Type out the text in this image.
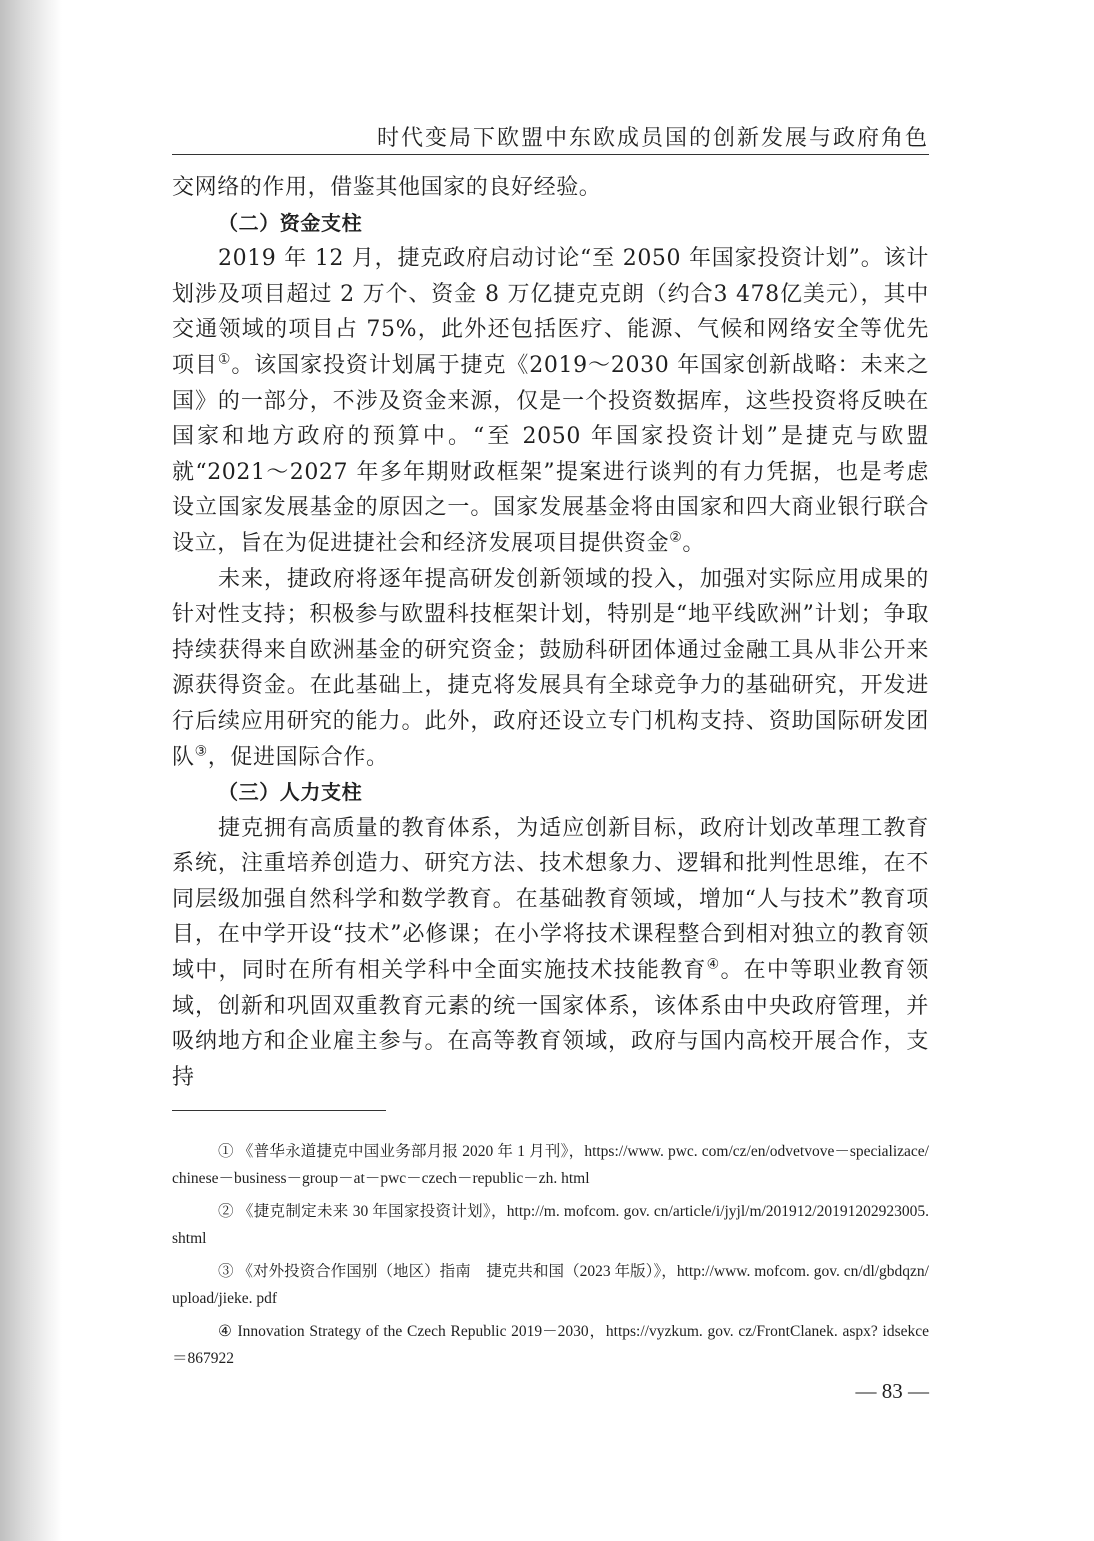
时代变局下欧盟中东欧成员国的创新发展与政府角色

交网络的作用，借鉴其他国家的良好经验。

（二）资金支柱

2019 年 12 月，捷克政府启动讨论“至 2050 年国家投资计划”。该计划涉及项目超过 2 万个、资金 8 万亿捷克克朗（约合3 478亿美元），其中交通领域的项目占 75%，此外还包括医疗、能源、气候和网络安全等优先项目①。该国家投资计划属于捷克《2019～2030 年国家创新战略：未来之国》的一部分，不涉及资金来源，仅是一个投资数据库，这些投资将反映在国家和地方政府的预算中。“至 2050 年国家投资计划”是捷克与欧盟就“2021～2027 年多年期财政框架”提案进行谈判的有力凭据，也是考虑设立国家发展基金的原因之一。国家发展基金将由国家和四大商业银行联合设立，旨在为促进捷社会和经济发展项目提供资金②。

未来，捷政府将逐年提高研发创新领域的投入，加强对实际应用成果的针对性支持；积极参与欧盟科技框架计划，特别是“地平线欧洲”计划；争取持续获得来自欧洲基金的研究资金；鼓励科研团体通过金融工具从非公开来源获得资金。在此基础上，捷克将发展具有全球竞争力的基础研究，开发进行后续应用研究的能力。此外，政府还设立专门机构支持、资助国际研发团队③，促进国际合作。

（三）人力支柱

捷克拥有高质量的教育体系，为适应创新目标，政府计划改革理工教育系统，注重培养创造力、研究方法、技术想象力、逻辑和批判性思维，在不同层级加强自然科学和数学教育。在基础教育领域，增加“人与技术”教育项目，在中学开设“技术”必修课；在小学将技术课程整合到相对独立的教育领域中，同时在所有相关学科中全面实施技术技能教育④。在中等职业教育领域，创新和巩固双重教育元素的统一国家体系，该体系由中央政府管理，并吸纳地方和企业雇主参与。在高等教育领域，政府与国内高校开展合作，支持

① 《普华永道捷克中国业务部月报 2020 年 1 月刊》，https://www. pwc. com/cz/en/odvetvove－specializace/chinese－business－group－at－pwc－czech－republic－zh. html

② 《捷克制定未来 30 年国家投资计划》，http://m. mofcom. gov. cn/article/i/jyjl/m/201912/20191202923005. shtml

③ 《对外投资合作国别（地区）指南　捷克共和国（2023 年版）》，http://www. mofcom. gov. cn/dl/gbdqzn/upload/jieke. pdf

④ Innovation Strategy of the Czech Republic 2019－2030，https://vyzkum. gov. cz/FrontClanek. aspx? idsekce＝867922

— 83 —
